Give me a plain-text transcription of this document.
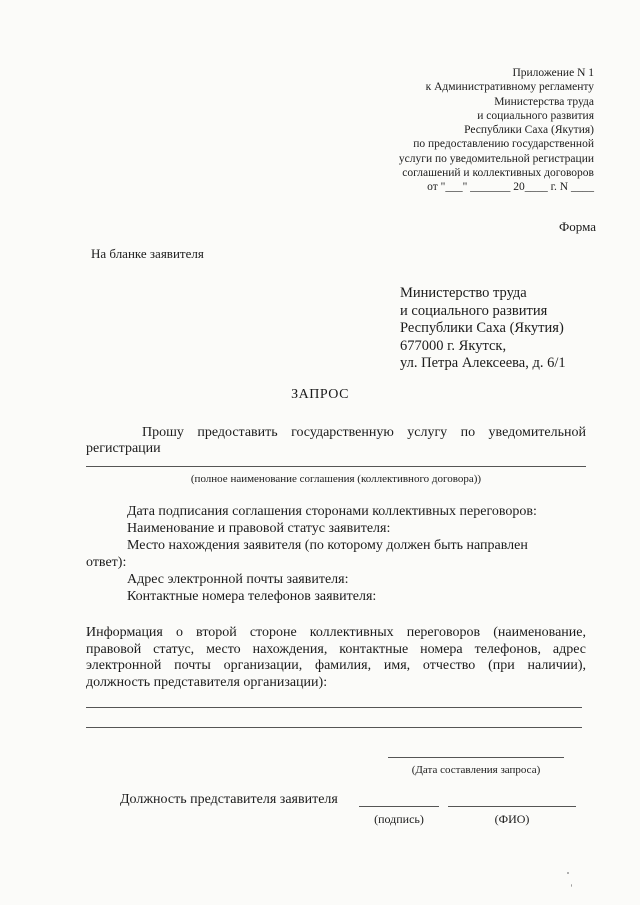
Приложение N 1
к Административному регламенту
Министерства труда
и социального развития
Республики Саха (Якутия)
по предоставлению государственной
услуги по уведомительной регистрации
соглашений и коллективных договоров
от "___" _______ 20____ г. N ____
Форма
На бланке заявителя
Министерство труда
и социального развития
Республики Саха (Якутия)
677000 г. Якутск,
ул. Петра Алексеева, д. 6/1
ЗАПРОС
Прошу предоставить государственную услугу по уведомительной регистрации
(полное наименование соглашения (коллективного договора))
Дата подписания соглашения сторонами коллективных переговоров:
Наименование и правовой статус заявителя:
Место нахождения заявителя (по которому должен быть направлен
ответ):
Адрес электронной почты заявителя:
Контактные номера телефонов заявителя:
Информация о второй стороне коллективных переговоров (наименование, правовой статус, место нахождения, контактные номера телефонов, адрес электронной почты организации, фамилия, имя, отчество (при наличии), должность представителя организации):
(Дата составления запроса)
Должность представителя заявителя
(подпись)	(ФИО)
